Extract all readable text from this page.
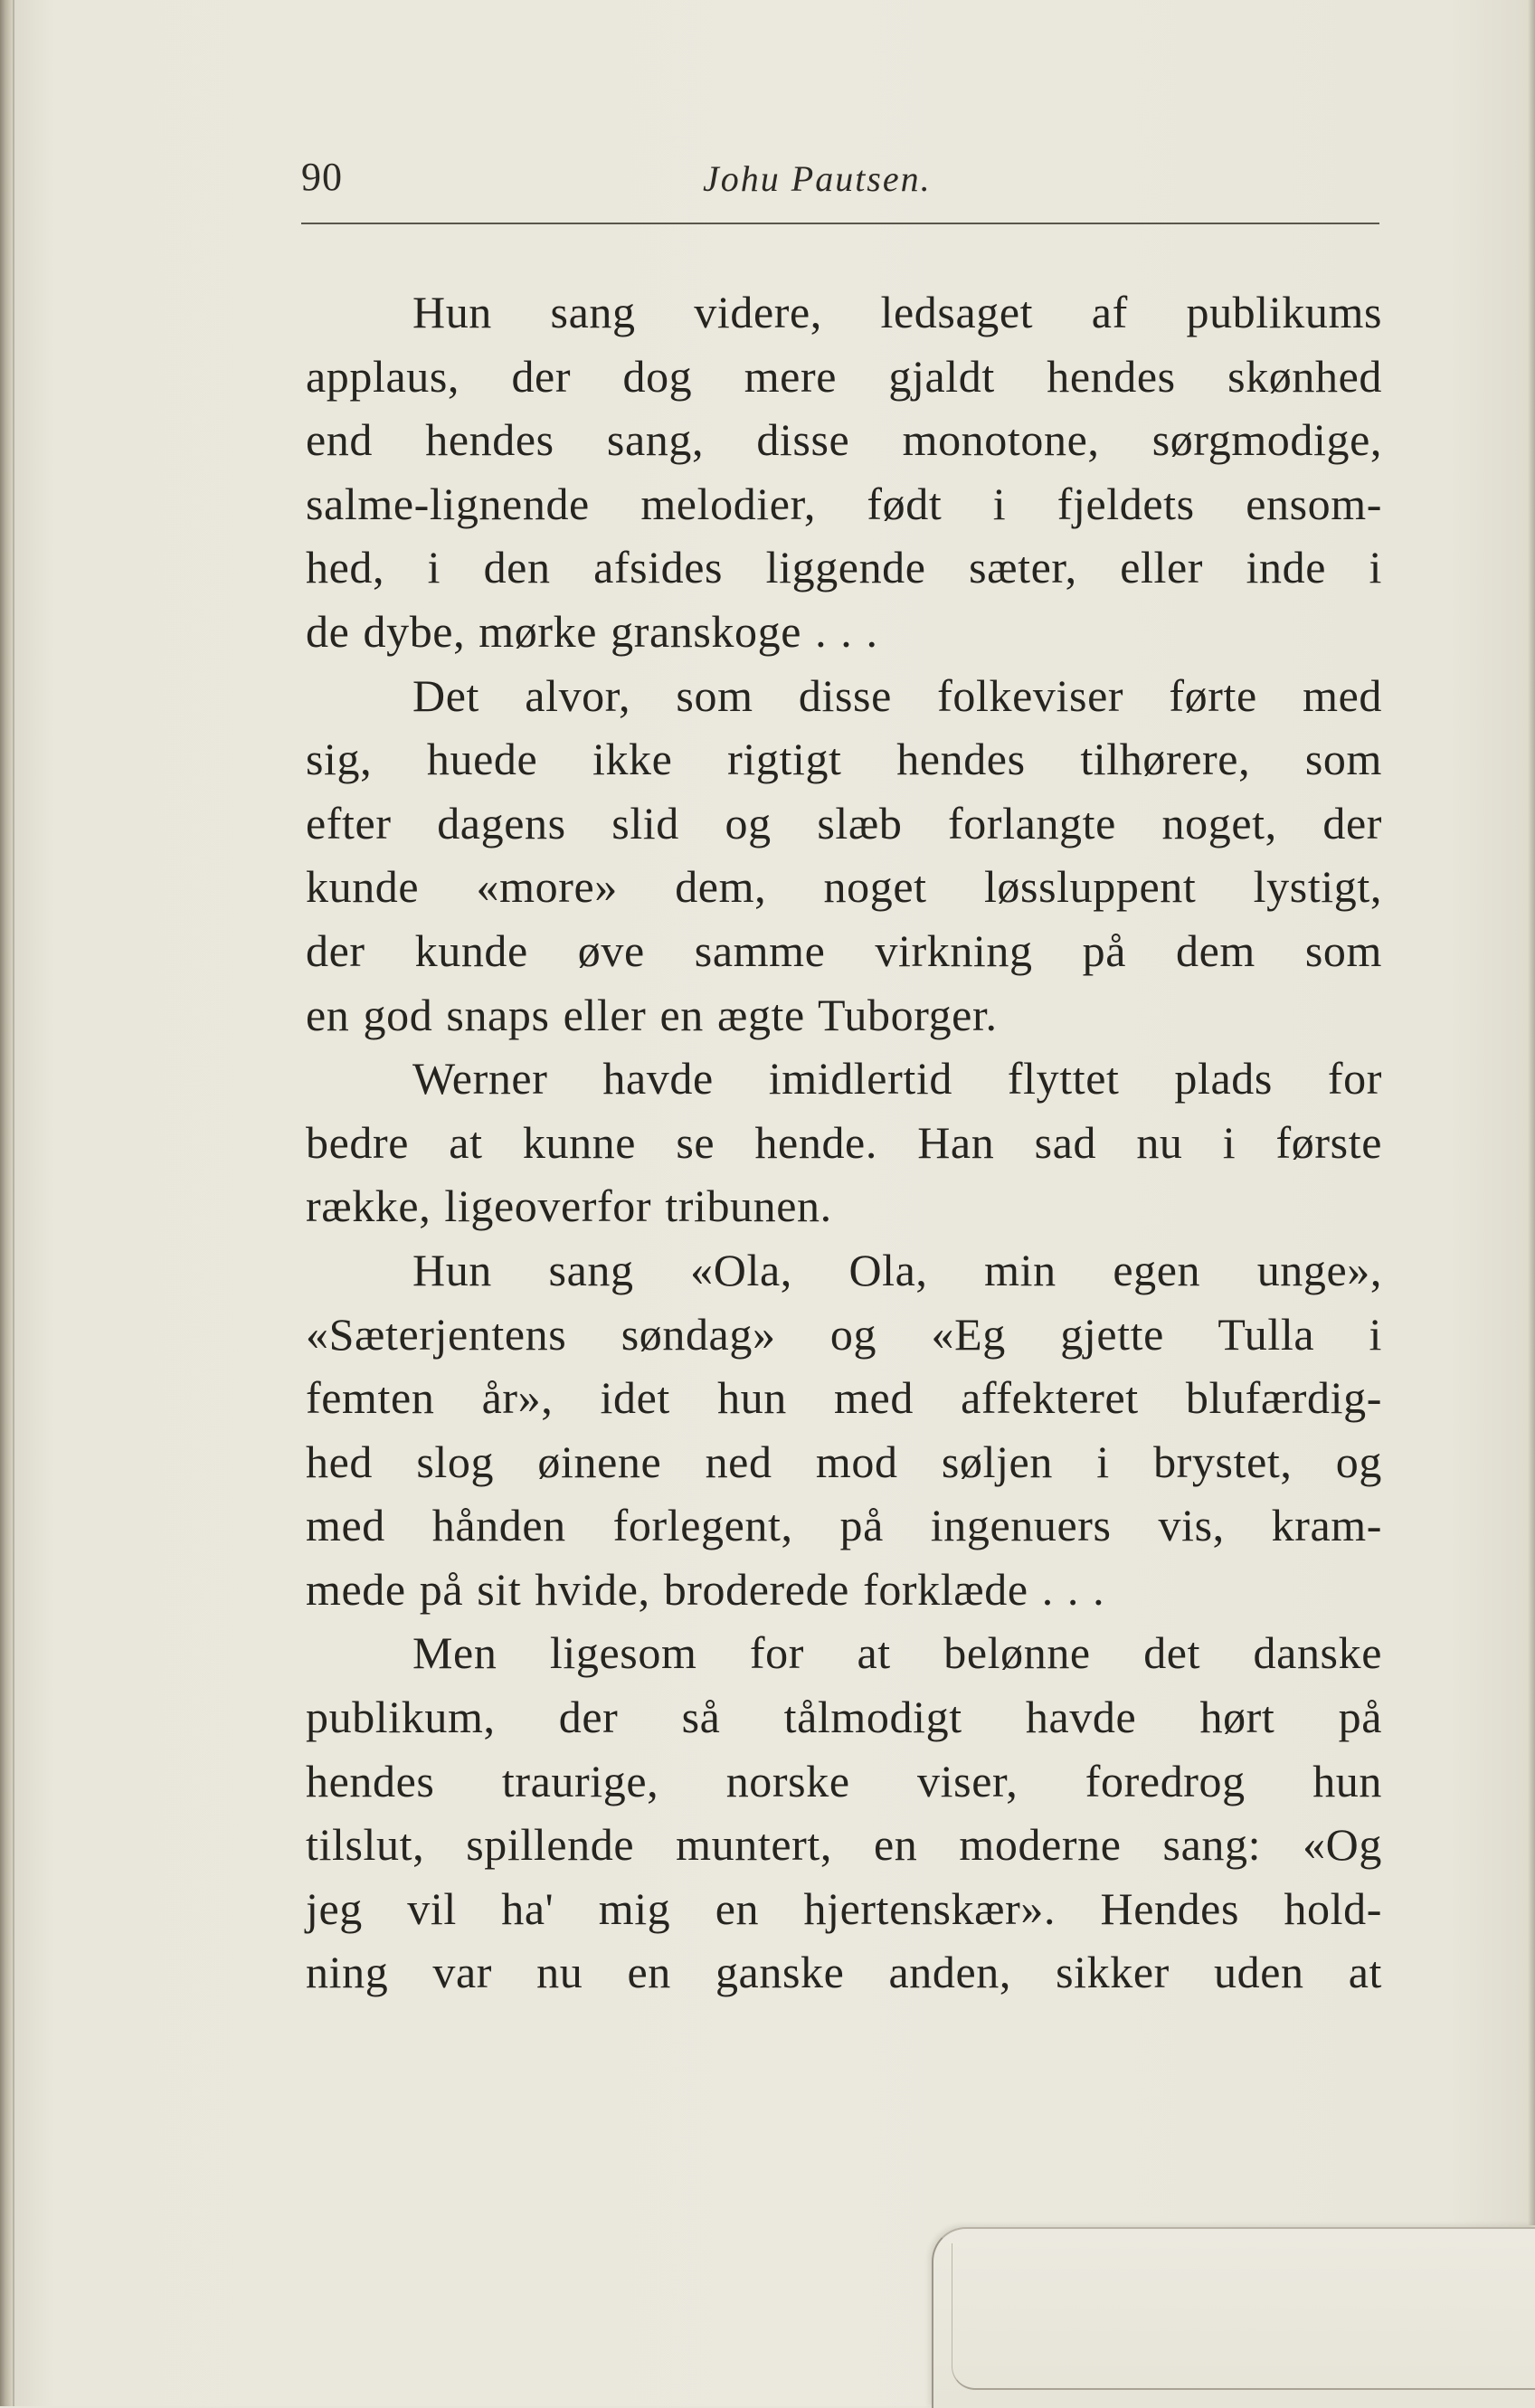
90	Johu Pautsen.
Hun sang videre, ledsaget af publikums
applaus, der dog mere gjaldt hendes skønhed
end hendes sang, disse monotone, sørgmodige,
salme-lignende melodier, født i fjeldets ensom-
hed, i den afsides liggende sæter, eller inde i
de dybe, mørke granskoge . . .
Det alvor, som disse folkeviser førte med
sig, huede ikke rigtigt hendes tilhørere, som
efter dagens slid og slæb forlangte noget, der
kunde «more» dem, noget løssluppent lystigt,
der kunde øve samme virkning på dem som
en god snaps eller en ægte Tuborger.
Werner havde imidlertid flyttet plads for
bedre at kunne se hende. Han sad nu i første
række, ligeoverfor tribunen.
Hun sang «Ola, Ola, min egen unge»,
«Sæterjentens søndag» og «Eg gjette Tulla i
femten år», idet hun med affekteret blufærdig-
hed slog øinene ned mod søljen i brystet, og
med hånden forlegent, på ingenuers vis, kram-
mede på sit hvide, broderede forklæde . . .
Men ligesom for at belønne det danske
publikum, der så tålmodigt havde hørt på
hendes traurige, norske viser, foredrog hun
tilslut, spillende muntert, en moderne sang: «Og
jeg vil ha' mig en hjertenskær». Hendes hold-
ning var nu en ganske anden, sikker uden at
